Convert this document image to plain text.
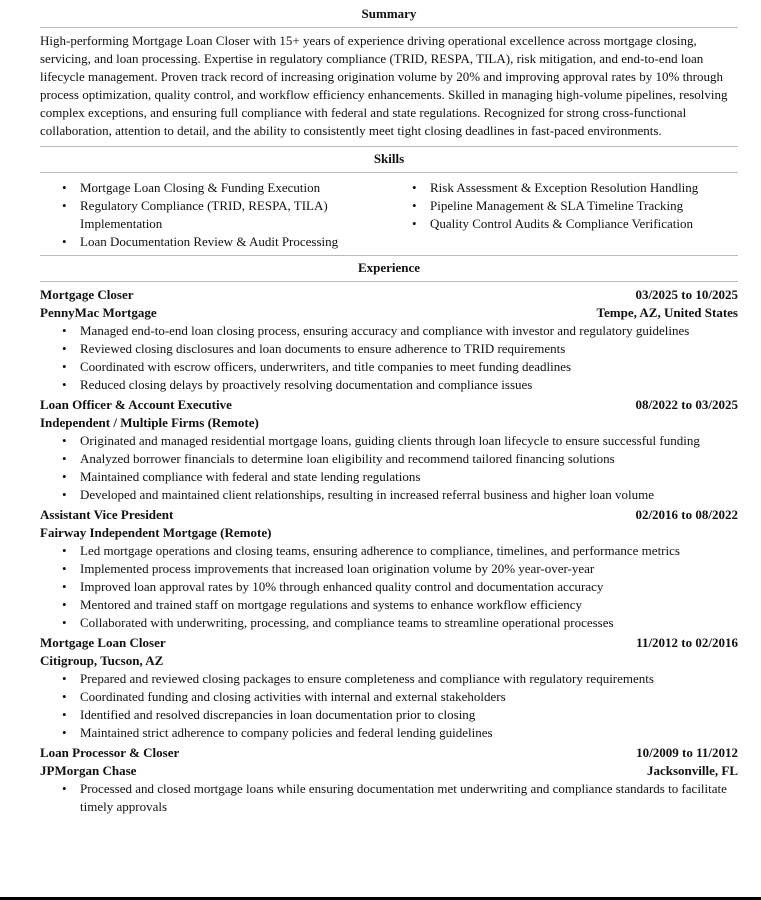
Summary
High-performing Mortgage Loan Closer with 15+ years of experience driving operational excellence across mortgage closing, servicing, and loan processing. Expertise in regulatory compliance (TRID, RESPA, TILA), risk mitigation, and end-to-end loan lifecycle management. Proven track record of increasing origination volume by 20% and improving approval rates by 10% through process optimization, quality control, and workflow efficiency enhancements. Skilled in managing high-volume pipelines, resolving complex exceptions, and ensuring full compliance with federal and state regulations. Recognized for strong cross-functional collaboration, attention to detail, and the ability to consistently meet tight closing deadlines in fast-paced environments.
Skills
• Mortgage Loan Closing & Funding Execution
• Regulatory Compliance (TRID, RESPA, TILA) Implementation
• Loan Documentation Review & Audit Processing
• Risk Assessment & Exception Resolution Handling
• Pipeline Management & SLA Timeline Tracking
• Quality Control Audits & Compliance Verification
Experience
Mortgage Closer	03/2025 to 10/2025
PennyMac Mortgage	Tempe, AZ, United States
• Managed end-to-end loan closing process, ensuring accuracy and compliance with investor and regulatory guidelines
• Reviewed closing disclosures and loan documents to ensure adherence to TRID requirements
• Coordinated with escrow officers, underwriters, and title companies to meet funding deadlines
• Reduced closing delays by proactively resolving documentation and compliance issues
Loan Officer & Account Executive	08/2022 to 03/2025
Independent / Multiple Firms (Remote)
• Originated and managed residential mortgage loans, guiding clients through loan lifecycle to ensure successful funding
• Analyzed borrower financials to determine loan eligibility and recommend tailored financing solutions
• Maintained compliance with federal and state lending regulations
• Developed and maintained client relationships, resulting in increased referral business and higher loan volume
Assistant Vice President	02/2016 to 08/2022
Fairway Independent Mortgage (Remote)
• Led mortgage operations and closing teams, ensuring adherence to compliance, timelines, and performance metrics
• Implemented process improvements that increased loan origination volume by 20% year-over-year
• Improved loan approval rates by 10% through enhanced quality control and documentation accuracy
• Mentored and trained staff on mortgage regulations and systems to enhance workflow efficiency
• Collaborated with underwriting, processing, and compliance teams to streamline operational processes
Mortgage Loan Closer	11/2012 to 02/2016
Citigroup, Tucson, AZ
• Prepared and reviewed closing packages to ensure completeness and compliance with regulatory requirements
• Coordinated funding and closing activities with internal and external stakeholders
• Identified and resolved discrepancies in loan documentation prior to closing
• Maintained strict adherence to company policies and federal lending guidelines
Loan Processor & Closer	10/2009 to 11/2012
JPMorgan Chase	Jacksonville, FL
• Processed and closed mortgage loans while ensuring documentation met underwriting and compliance standards to facilitate timely approvals
